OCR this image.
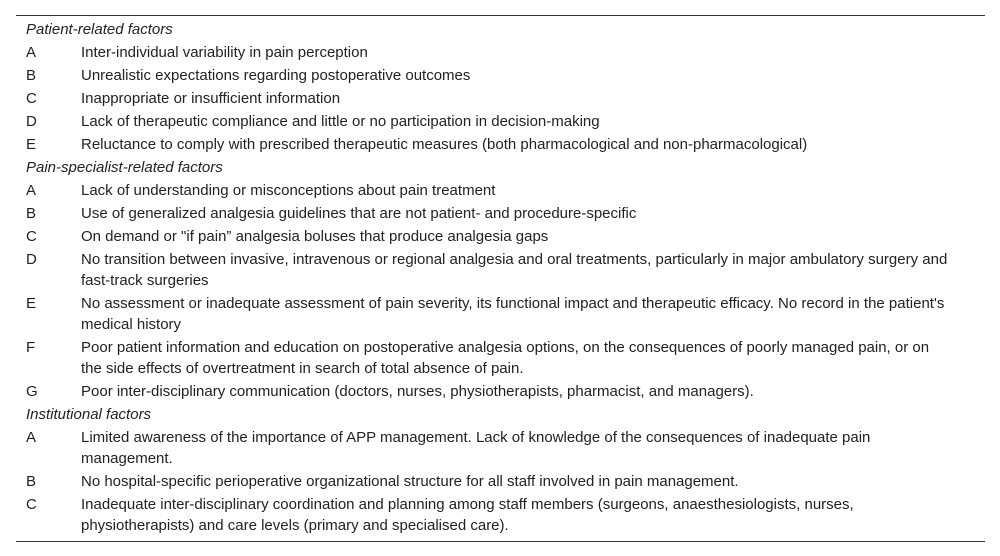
Patient-related factors
A	Inter-individual variability in pain perception
B	Unrealistic expectations regarding postoperative outcomes
C	Inappropriate or insufficient information
D	Lack of therapeutic compliance and little or no participation in decision-making
E	Reluctance to comply with prescribed therapeutic measures (both pharmacological and non-pharmacological)
Pain-specialist-related factors
A	Lack of understanding or misconceptions about pain treatment
B	Use of generalized analgesia guidelines that are not patient- and procedure-specific
C	On demand or "if pain” analgesia boluses that produce analgesia gaps
D	No transition between invasive, intravenous or regional analgesia and oral treatments, particularly in major ambulatory surgery and fast-track surgeries
E	No assessment or inadequate assessment of pain severity, its functional impact and therapeutic efficacy. No record in the patient's medical history
F	Poor patient information and education on postoperative analgesia options, on the consequences of poorly managed pain, or on the side effects of overtreatment in search of total absence of pain.
G	Poor inter-disciplinary communication (doctors, nurses, physiotherapists, pharmacist, and managers).
Institutional factors
A	Limited awareness of the importance of APP management. Lack of knowledge of the consequences of inadequate pain management.
B	No hospital-specific perioperative organizational structure for all staff involved in pain management.
C	Inadequate inter-disciplinary coordination and planning among staff members (surgeons, anaesthesiologists, nurses, physiotherapists) and care levels (primary and specialised care).
